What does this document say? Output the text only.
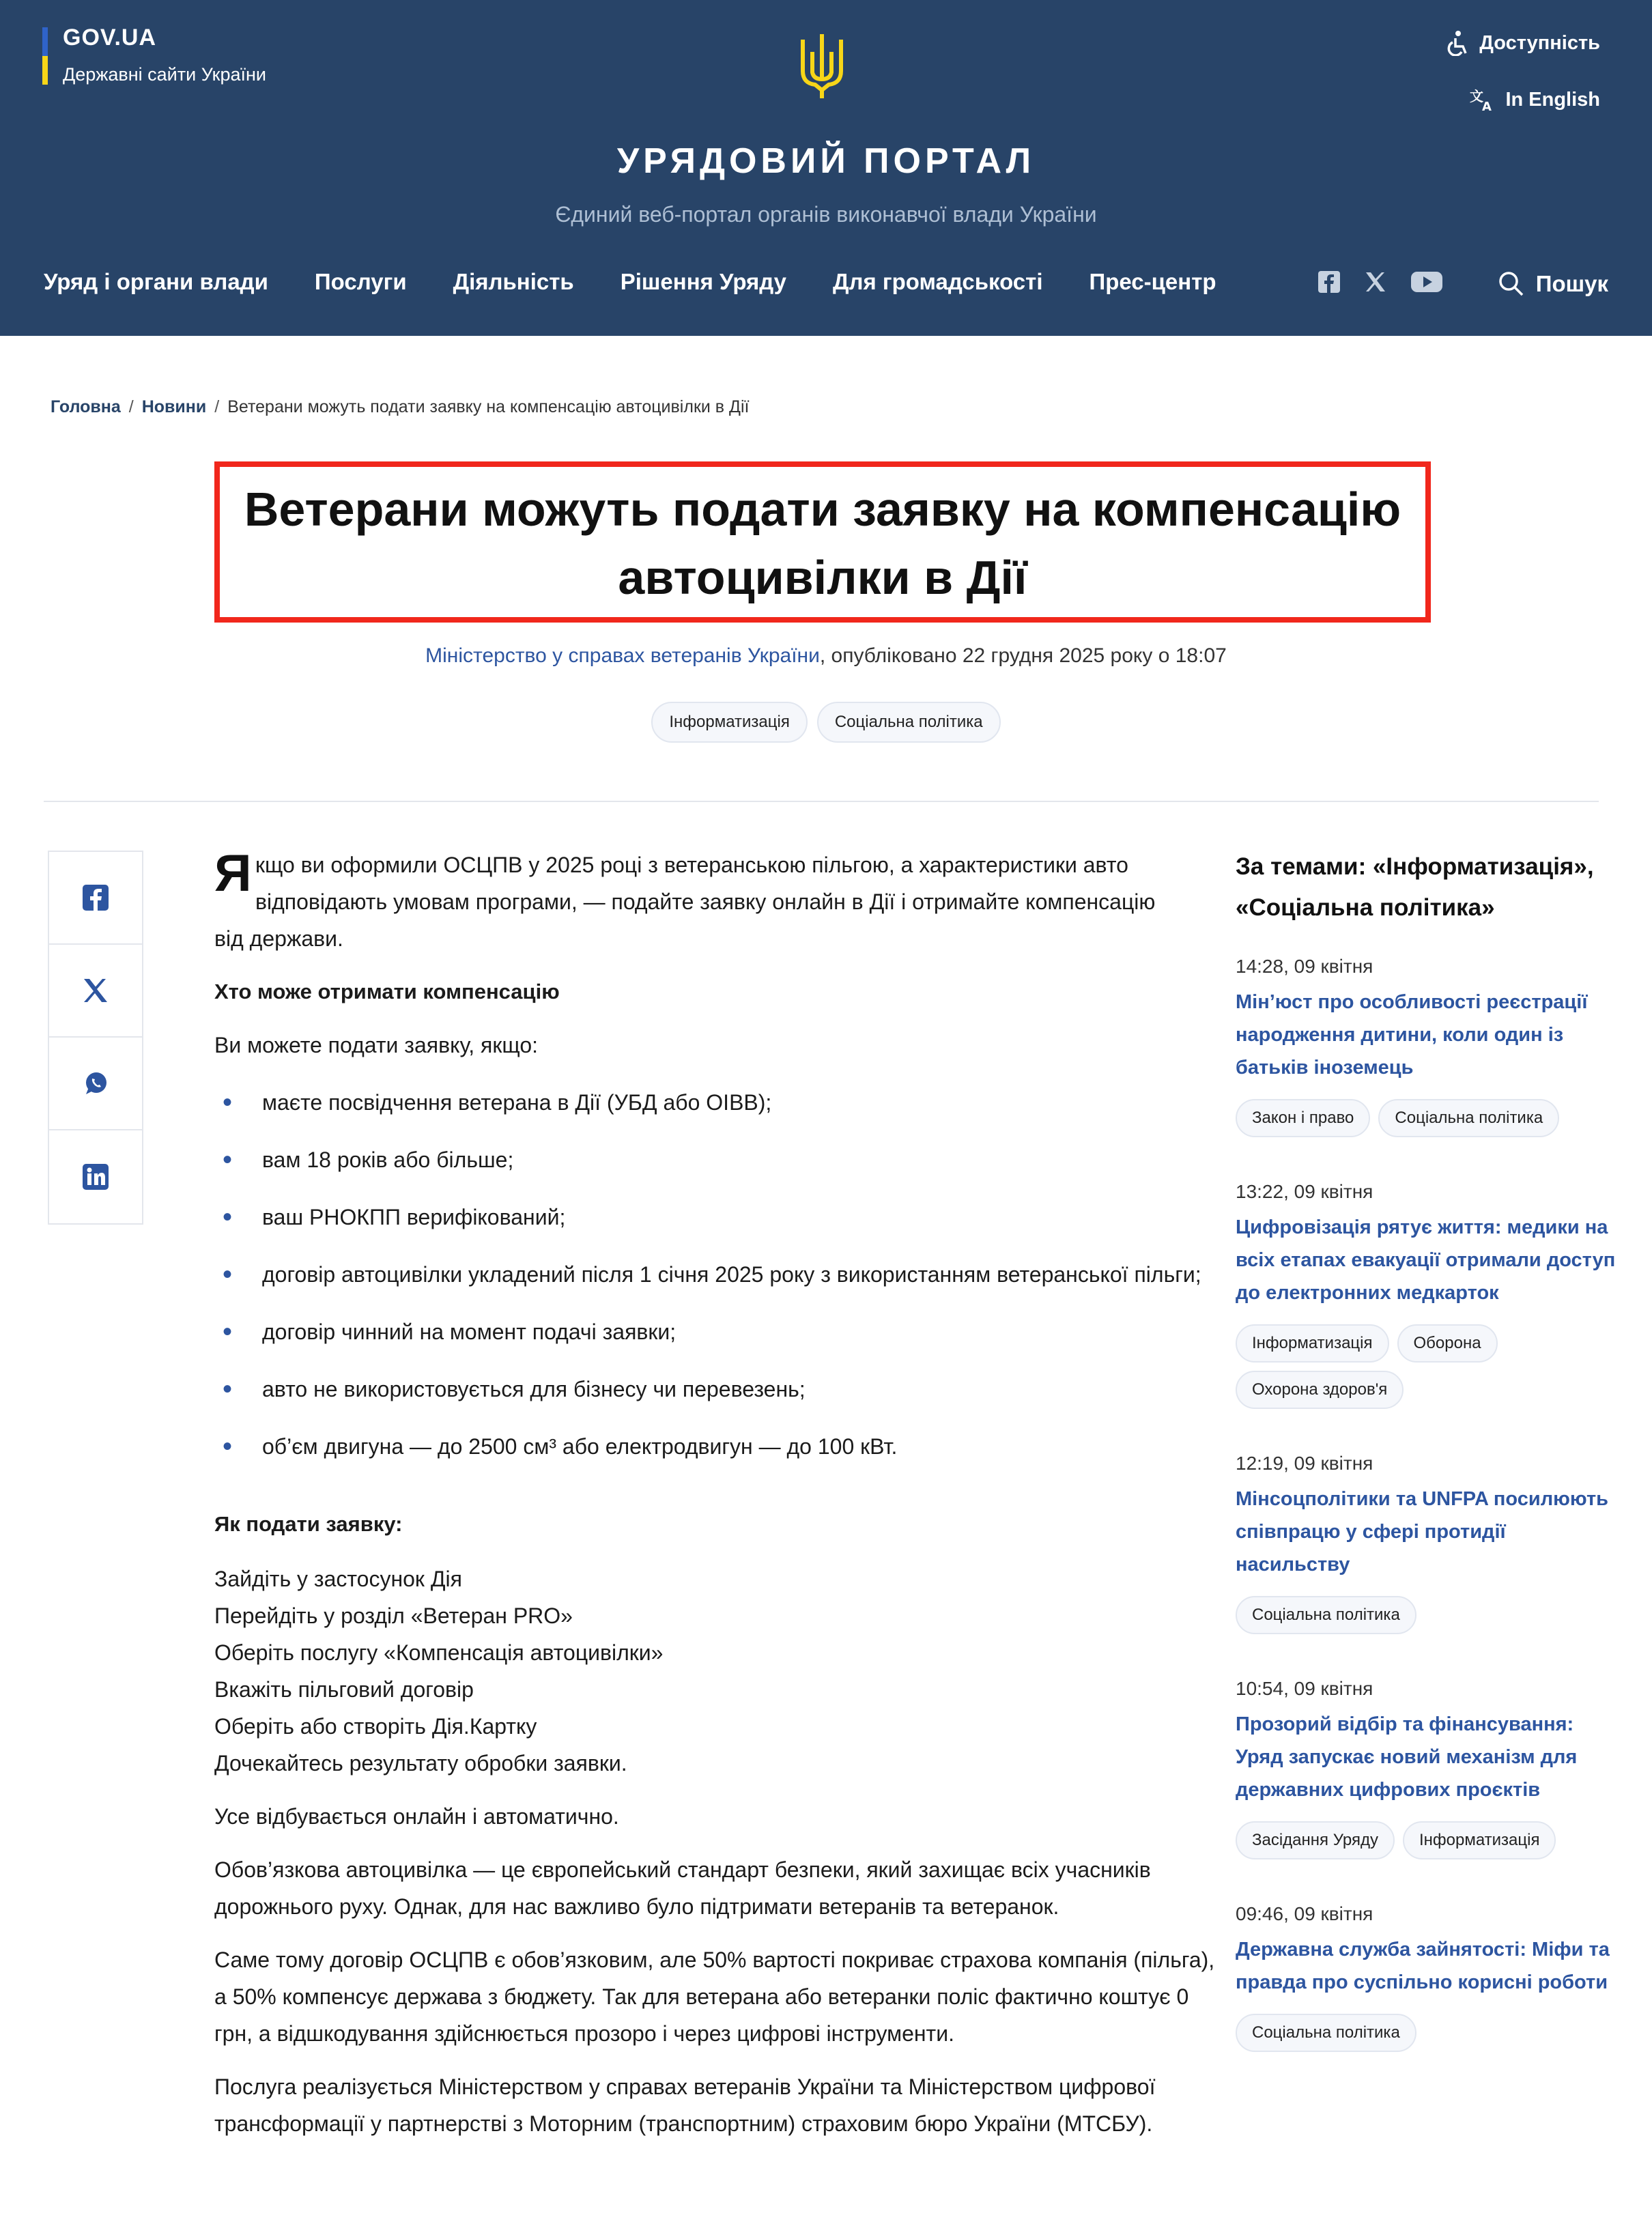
GOV.UA
Державні сайти України
Доступність
文
A In English
УРЯДОВИЙ ПОРТАЛ
Єдиний веб-портал органів виконавчої влади України
Уряд і органи влади Послуги Діяльність Рішення Уряду Для громадськості Прес-центр	Пошук
Головна / Новини / Ветерани можуть подати заявку на компенсацію автоцивілки в Дії
Ветерани можуть подати заявку на компенсацію
автоцивілки в Дії
Міністерство у справах ветеранів України, опубліковано 22 грудня 2025 року о 18:07
Інформатизація	Соціальна політика
Я кщо ви оформили ОСЦПВ у 2025 році з ветеранською пільгою, а характеристики авто відповідають умовам програми, — подайте заявку онлайн в Дії і отримайте компенсацію
від держави.
Хто може отримати компенсацію

Ви можете подати заявку, якщо:

• маєте посвідчення ветерана в Дії (УБД або ОІВВ);
• вам 18 років або більше;
• ваш РНОКПП верифікований;
• договір автоцивілки укладений після 1 січня 2025 року з використанням ветеранської пільги;
• договір чинний на момент подачі заявки;
• авто не використовується для бізнесу чи перевезень;
• об’єм двигуна — до 2500 см³ або електродвигун — до 100 кВт.
Як подати заявку:
Зайдіть у застосунок Дія
Перейдіть у розділ «Ветеран PRO»
Оберіть послугу «Компенсація автоцивілки»
Вкажіть пільговий договір
Оберіть або створіть Дія.Картку
Дочекайтесь результату обробки заявки.

Усе відбувається онлайн і автоматично.

Обов’язкова автоцивілка — це європейський стандарт безпеки, який захищає всіх учасників дорожнього руху. Однак, для нас важливо було підтримати ветеранів та ветеранок.

Саме тому договір ОСЦПВ є обов’язковим, але 50% вартості покриває страхова компанія (пільга), а 50% компенсує держава з бюджету. Так для ветерана або ветеранки поліс фактично коштує 0 грн, а відшкодування здійснюється прозоро і через цифрові інструменти.

Послуга реалізується Міністерством у справах ветеранів України та Міністерством цифрової трансформації у партнерстві з Моторним (транспортним) страховим бюро України (МТСБУ).

За темами: «Інформатизація», «Соціальна політика»
14:28, 09 квітня
Мін’юст про особливості реєстрації народження дитини, коли один із батьків іноземець
Закон і право	Соціальна політика
13:22, 09 квітня
Цифровізація рятує життя: медики на всіх етапах евакуації отримали доступ до електронних медкарток
Інформатизація	Оборона
Охорона здоров'я
12:19, 09 квітня
Мінсоцполітики та UNFPA посилюють співпрацю у сфері протидії насильству
Соціальна політика
10:54, 09 квітня
Прозорий відбір та фінансування: Уряд запускає новий механізм для державних цифрових проєктів
Засідання Уряду	Інформатизація
09:46, 09 квітня
Державна служба зайнятості: Міфи та правда про суспільно корисні роботи
Соціальна політика
